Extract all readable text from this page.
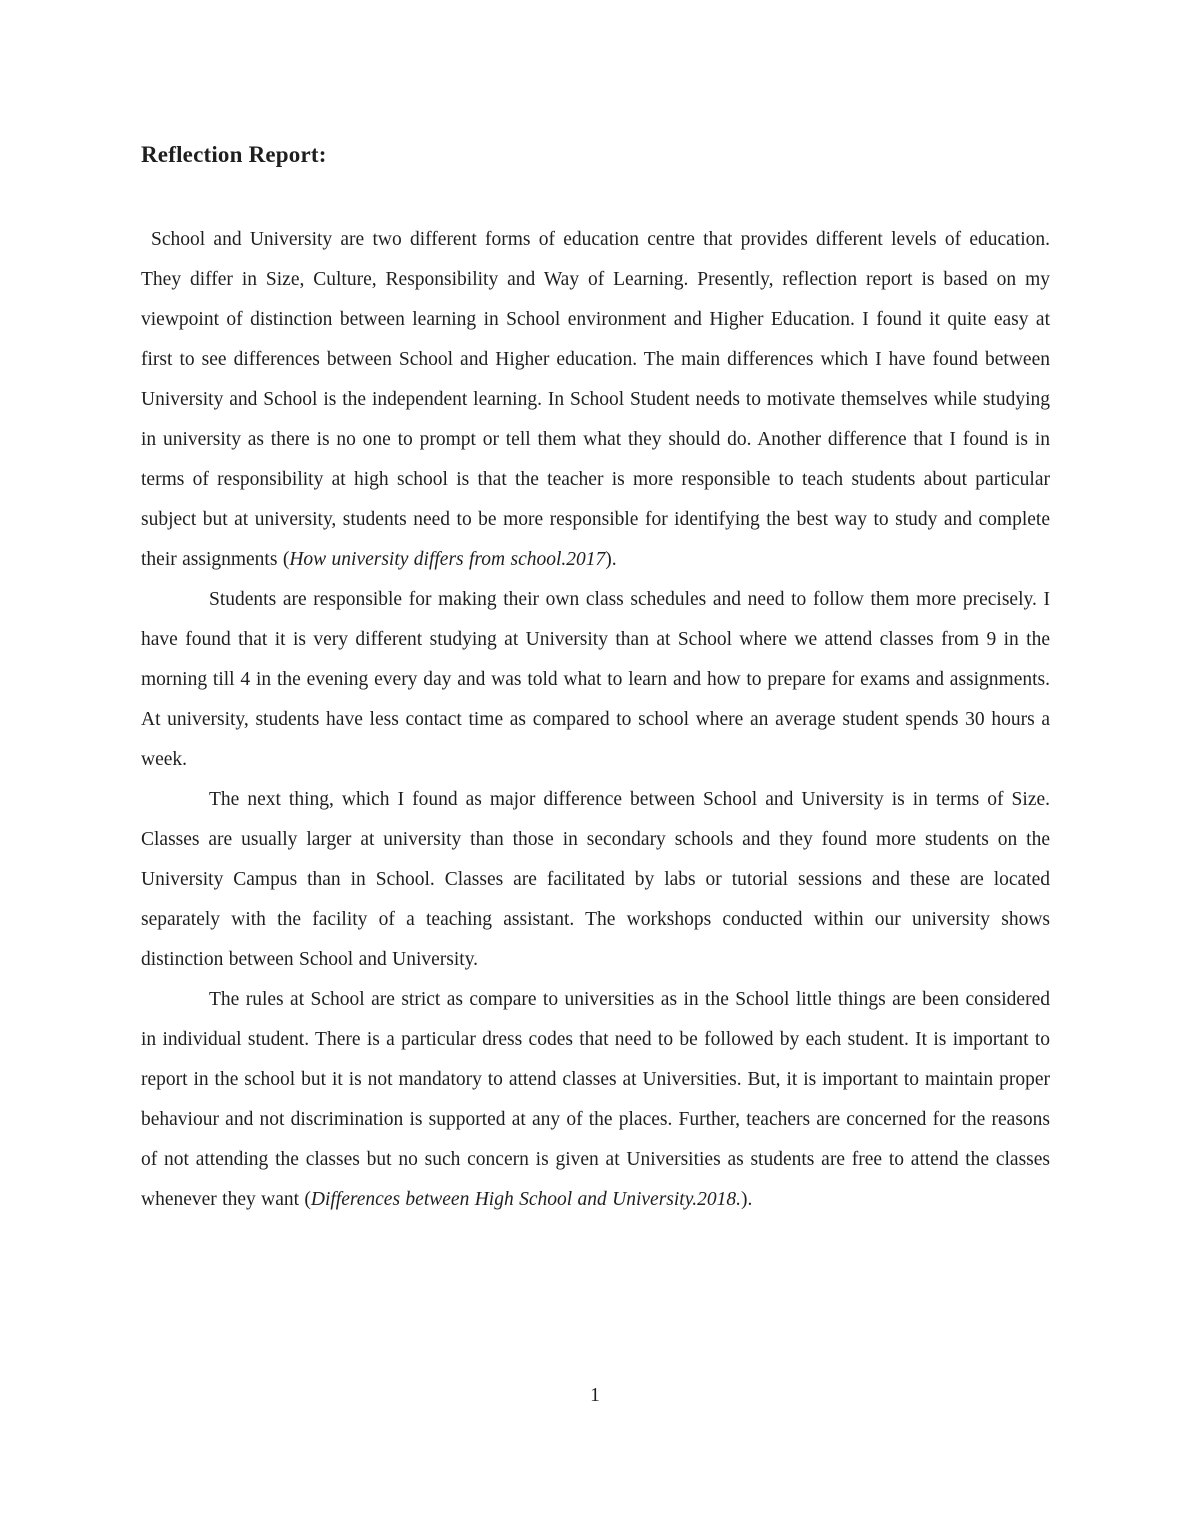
Reflection Report:

School and University are two different forms of education centre that provides different levels of education. They differ in Size, Culture, Responsibility and Way of Learning. Presently, reflection report is based on my viewpoint of distinction between learning in School environment and Higher Education. I found it quite easy at first to see differences between School and Higher education. The main differences which I have found between University and School is the independent learning. In School Student needs to motivate themselves while studying in university as there is no one to prompt or tell them what they should do. Another difference that I found is in terms of responsibility at high school is that the teacher is more responsible to teach students about particular subject but at university, students need to be more responsible for identifying the best way to study and complete their assignments (How university differs from school.2017).

Students are responsible for making their own class schedules and need to follow them more precisely. I have found that it is very different studying at University than at School where we attend classes from 9 in the morning till 4 in the evening every day and was told what to learn and how to prepare for exams and assignments. At university, students have less contact time as compared to school where an average student spends 30 hours a week.

The next thing, which I found as major difference between School and University is in terms of Size. Classes are usually larger at university than those in secondary schools and they found more students on the University Campus than in School. Classes are facilitated by labs or tutorial sessions and these are located separately with the facility of a teaching assistant. The workshops conducted within our university shows distinction between School and University.

The rules at School are strict as compare to universities as in the School little things are been considered in individual student. There is a particular dress codes that need to be followed by each student. It is important to report in the school but it is not mandatory to attend classes at Universities. But, it is important to maintain proper behaviour and not discrimination is supported at any of the places. Further, teachers are concerned for the reasons of not attending the classes but no such concern is given at Universities as students are free to attend the classes whenever they want (Differences between High School and University.2018.).

1
